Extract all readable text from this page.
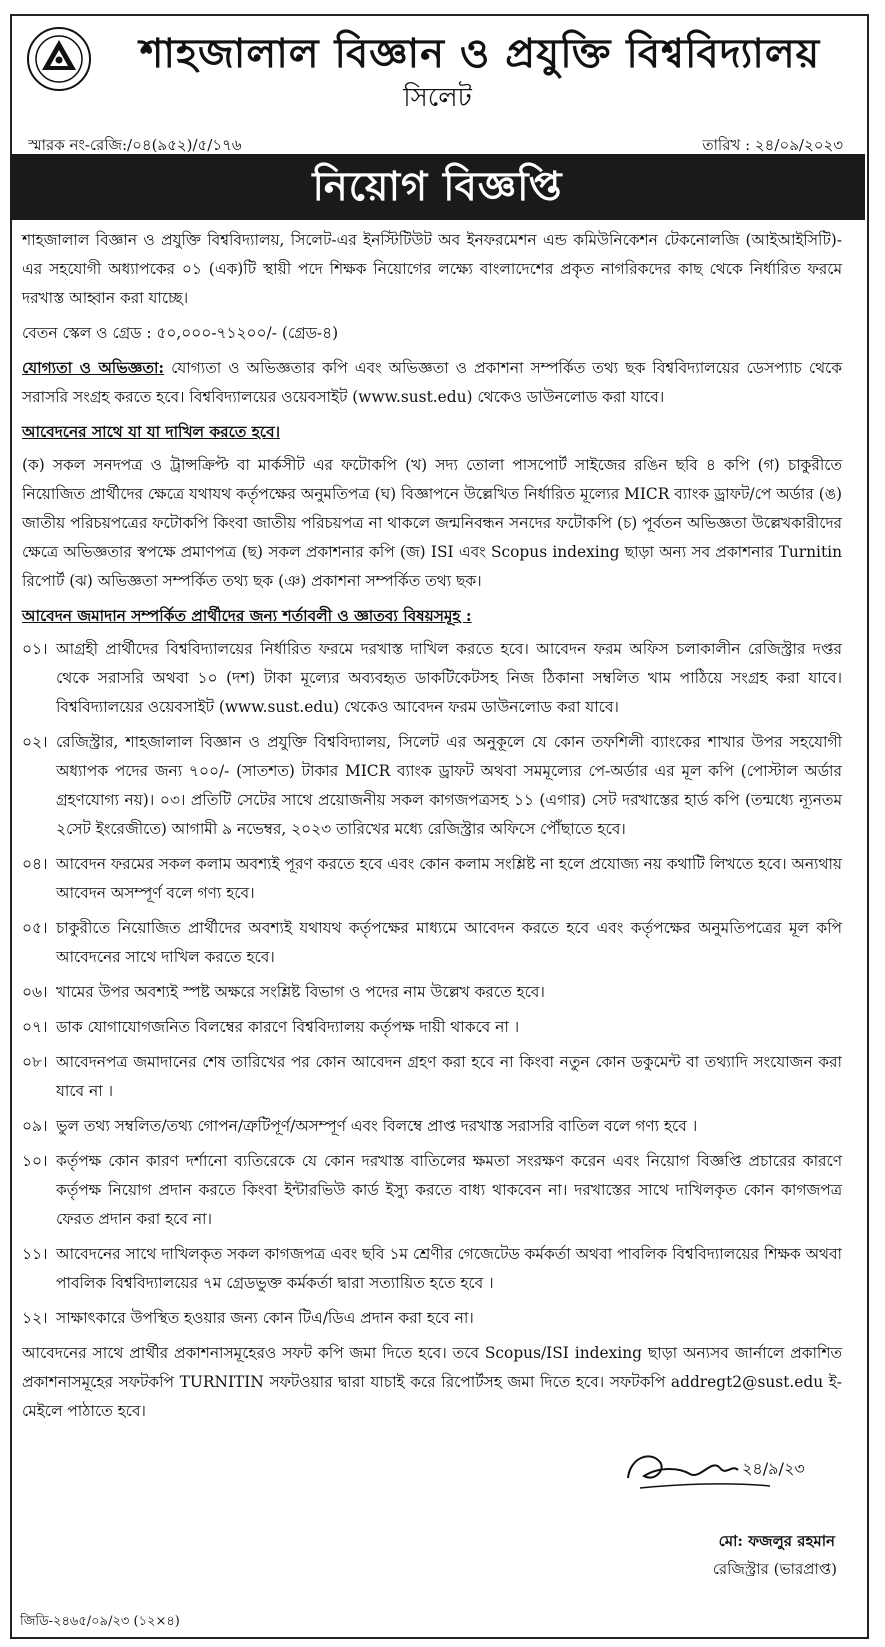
শাহজালাল বিজ্ঞান ও প্রযুক্তি বিশ্ববিদ্যালয়
সিলেট
স্মারক নং-রেজি:/০৪(৯৫২)/৫/১৭৬	তারিখ : ২৪/০৯/২০২৩
নিয়োগ বিজ্ঞপ্তি

শাহজালাল বিজ্ঞান ও প্রযুক্তি বিশ্ববিদ্যালয়, সিলেট-এর ইনস্টিটিউট অব ইনফরমেশন এন্ড কমিউনিকেশন টেকনোলজি (আইআইসিটি)-এর সহযোগী অধ্যাপকের ০১ (এক)টি স্থায়ী পদে শিক্ষক নিয়োগের লক্ষ্যে বাংলাদেশের প্রকৃত নাগরিকদের কাছ থেকে নির্ধারিত ফরমে দরখাস্ত আহ্বান করা যাচ্ছে।

বেতন স্কেল ও গ্রেড : ৫০,০০০-৭১২০০/- (গ্রেড-৪)

যোগ্যতা ও অভিজ্ঞতা: যোগ্যতা ও অভিজ্ঞতার কপি এবং অভিজ্ঞতা ও প্রকাশনা সম্পর্কিত তথ্য ছক বিশ্ববিদ্যালয়ের ডেসপ্যাচ থেকে সরাসরি সংগ্রহ করতে হবে। বিশ্ববিদ্যালয়ের ওয়েবসাইট (www.sust.edu) থেকেও ডাউনলোড করা যাবে।

আবেদনের সাথে যা যা দাখিল করতে হবে।

(ক) সকল সনদপত্র ও ট্রান্সক্রিপ্ট বা মার্কসীট এর ফটোকপি (খ) সদ্য তোলা পাসপোর্ট সাইজের রঙিন ছবি ৪ কপি (গ) চাকুরীতে নিয়োজিত প্রার্থীদের ক্ষেত্রে যথাযথ কর্তৃপক্ষের অনুমতিপত্র (ঘ) বিজ্ঞাপনে উল্লেখিত নির্ধারিত মূল্যের MICR ব্যাংক ড্রাফট/পে অর্ডার (ঙ) জাতীয় পরিচয়পত্রের ফটোকপি কিংবা জাতীয় পরিচয়পত্র না থাকলে জন্মনিবন্ধন সনদের ফটোকপি (চ) পূর্বতন অভিজ্ঞতা উল্লেখকারীদের ক্ষেত্রে অভিজ্ঞতার স্বপক্ষে প্রমাণপত্র (ছ) সকল প্রকাশনার কপি (জ) ISI এবং Scopus indexing ছাড়া অন্য সব প্রকাশনার Turnitin রিপোর্ট (ঝ) অভিজ্ঞতা সম্পর্কিত তথ্য ছক (ঞ) প্রকাশনা সম্পর্কিত তথ্য ছক।

আবেদন জমাদান সম্পর্কিত প্রার্থীদের জন্য শর্তাবলী ও জ্ঞাতব্য বিষয়সমূহ :
০১। আগ্রহী প্রার্থীদের বিশ্ববিদ্যালয়ের নির্ধারিত ফরমে দরখাস্ত দাখিল করতে হবে। আবেদন ফরম অফিস চলাকালীন রেজিস্ট্রার দপ্তর থেকে সরাসরি অথবা ১০ (দশ) টাকা মূল্যের অব্যবহৃত ডাকটিকেটসহ নিজ ঠিকানা সম্বলিত খাম পাঠিয়ে সংগ্রহ করা যাবে। বিশ্ববিদ্যালয়ের ওয়েবসাইট (www.sust.edu) থেকেও আবেদন ফরম ডাউনলোড করা যাবে।
০২। রেজিস্ট্রার, শাহজালাল বিজ্ঞান ও প্রযুক্তি বিশ্ববিদ্যালয়, সিলেট এর অনুকূলে যে কোন তফশিলী ব্যাংকের শাখার উপর সহযোগী অধ্যাপক পদের জন্য ৭০০/- (সাতশত) টাকার MICR ব্যাংক ড্রাফট অথবা সমমূল্যের পে-অর্ডার এর মূল কপি (পোস্টাল অর্ডার গ্রহণযোগ্য নয়)। ০৩। প্রতিটি সেটের সাথে প্রয়োজনীয় সকল কাগজপত্রসহ ১১ (এগার) সেট দরখাস্তের হার্ড কপি (তন্মধ্যে ন্যূনতম ২সেট ইংরেজীতে) আগামী ৯ নভেম্বর, ২০২৩ তারিখের মধ্যে রেজিস্ট্রার অফিসে পৌঁছাতে হবে।
০৪। আবেদন ফরমের সকল কলাম অবশ্যই পূরণ করতে হবে এবং কোন কলাম সংশ্লিষ্ট না হলে প্রযোজ্য নয় কথাটি লিখতে হবে। অন্যথায় আবেদন অসম্পূর্ণ বলে গণ্য হবে।
০৫। চাকুরীতে নিয়োজিত প্রার্থীদের অবশ্যই যথাযথ কর্তৃপক্ষের মাধ্যমে আবেদন করতে হবে এবং কর্তৃপক্ষের অনুমতিপত্রের মূল কপি আবেদনের সাথে দাখিল করতে হবে।
০৬। খামের উপর অবশ্যই স্পষ্ট অক্ষরে সংশ্লিষ্ট বিভাগ ও পদের নাম উল্লেখ করতে হবে।
০৭। ডাক যোগাযোগজনিত বিলম্বের কারণে বিশ্ববিদ্যালয় কর্তৃপক্ষ দায়ী থাকবে না ।
০৮। আবেদনপত্র জমাদানের শেষ তারিখের পর কোন আবেদন গ্রহণ করা হবে না কিংবা নতুন কোন ডকুমেন্ট বা তথ্যাদি সংযোজন করা যাবে না ।
০৯। ভুল তথ্য সম্বলিত/তথ্য গোপন/ত্রুটিপূর্ণ/অসম্পূর্ণ এবং বিলম্বে প্রাপ্ত দরখাস্ত সরাসরি বাতিল বলে গণ্য হবে ।
১০। কর্তৃপক্ষ কোন কারণ দর্শানো ব্যতিরেকে যে কোন দরখাস্ত বাতিলের ক্ষমতা সংরক্ষণ করেন এবং নিয়োগ বিজ্ঞপ্তি প্রচারের কারণে কর্তৃপক্ষ নিয়োগ প্রদান করতে কিংবা ইন্টারভিউ কার্ড ইস্যু করতে বাধ্য থাকবেন না। দরখাস্তের সাথে দাখিলকৃত কোন কাগজপত্র ফেরত প্রদান করা হবে না।
১১। আবেদনের সাথে দাখিলকৃত সকল কাগজপত্র এবং ছবি ১ম শ্রেণীর গেজেটেড কর্মকর্তা অথবা পাবলিক বিশ্ববিদ্যালয়ের শিক্ষক অথবা পাবলিক বিশ্ববিদ্যালয়ের ৭ম গ্রেডভুক্ত কর্মকর্তা দ্বারা সত্যায়িত হতে হবে ।
১২। সাক্ষাৎকারে উপস্থিত হওয়ার জন্য কোন টিএ/ডিএ প্রদান করা হবে না।

আবেদনের সাথে প্রার্থীর প্রকাশনাসমূহেরও সফট কপি জমা দিতে হবে। তবে Scopus/ISI indexing ছাড়া অন্যসব জার্নালে প্রকাশিত প্রকাশনাসমূহের সফটকপি TURNITIN সফটওয়ার দ্বারা যাচাই করে রিপোর্টসহ জমা দিতে হবে। সফটকপি addregt2@sust.edu ই-মেইলে পাঠাতে হবে।

২৪/৯/২৩
মো: ফজলুর রহমান
রেজিস্ট্রার (ভারপ্রাপ্ত)
জিডি-২৪৬৫/০৯/২৩ (১২×৪)
